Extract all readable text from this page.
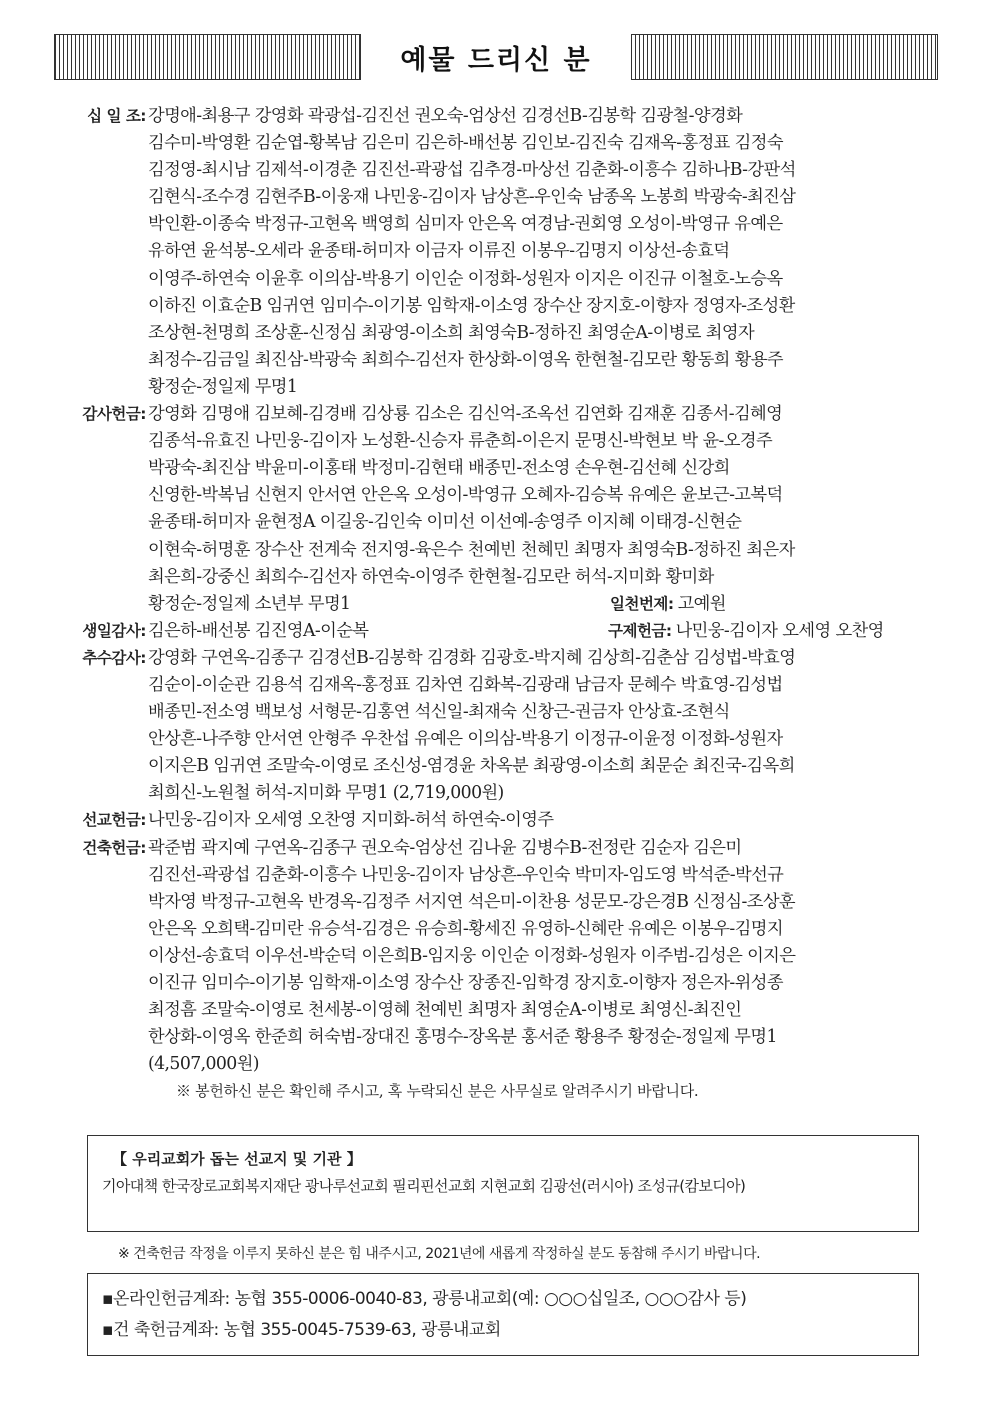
예물 드리신 분
십 일 조: 강명애-최용구 강영화 곽광섭-김진선 권오숙-엄상선 김경선B-김봉학 김광철-양경화
김수미-박영환 김순엽-황복남 김은미 김은하-배선봉 김인보-김진숙 김재옥-홍정표 김정숙
김정영-최시남 김제석-이경춘 김진선-곽광섭 김추경-마상선 김춘화-이흥수 김하나B-강판석
김현식-조수경 김현주B-이웅재 나민웅-김이자 남상흔-우인숙 남종옥 노봉희 박광숙-최진삼
박인환-이종숙 박정규-고현옥 백영희 심미자 안은옥 여경남-권회영 오성이-박영규 유예은
유하연 윤석봉-오세라 윤종태-허미자 이금자 이류진 이봉우-김명지 이상선-송효덕
이영주-하연숙 이윤후 이의삼-박용기 이인순 이정화-성원자 이지은 이진규 이철호-노승옥
이하진 이효순B 임귀연 임미수-이기봉 임학재-이소영 장수산 장지호-이향자 정영자-조성환
조상현-천명희 조상훈-신정심 최광영-이소희 최영숙B-정하진 최영순A-이병로 최영자
최정수-김금일 최진삼-박광숙 최희수-김선자 한상화-이영옥 한현철-김모란 황동희 황용주
황정순-정일제 무명1
감사헌금: 강영화 김명애 김보혜-김경배 김상룡 김소은 김신억-조옥선 김연화 김재훈 김종서-김혜영
김종석-유효진 나민웅-김이자 노성환-신승자 류춘희-이은지 문명신-박현보 박 윤-오경주
박광숙-최진삼 박윤미-이홍태 박정미-김현태 배종민-전소영 손우현-김선혜 신강희
신영한-박복님 신현지 안서연 안은옥 오성이-박영규 오혜자-김승복 유예은 윤보근-고복덕
윤종태-허미자 윤현정A 이길웅-김인숙 이미선 이선예-송영주 이지혜 이태경-신현순
이현숙-허명훈 장수산 전계숙 전지영-육은수 천예빈 천혜민 최명자 최영숙B-정하진 최은자
최은희-강중신 최희수-김선자 하연숙-이영주 한현철-김모란 허석-지미화 황미화
황정순-정일제 소년부 무명1	일천번제: 고예원
생일감사: 김은하-배선봉 김진영A-이순복	구제헌금: 나민웅-김이자 오세영 오찬영
추수감사: 강영화 구연옥-김종구 김경선B-김봉학 김경화 김광호-박지혜 김상희-김춘삼 김성법-박효영
김순이-이순관 김용석 김재옥-홍정표 김차연 김화복-김광래 남금자 문혜수 박효영-김성법
배종민-전소영 백보성 서형문-김홍연 석신일-최재숙 신창근-권금자 안상효-조현식
안상흔-나주향 안서연 안형주 우찬섭 유예은 이의삼-박용기 이정규-이윤정 이정화-성원자
이지은B 임귀연 조말숙-이영로 조신성-염경윤 차옥분 최광영-이소희 최문순 최진국-김옥희
최희신-노원철 허석-지미화 무명1 (2,719,000원)
선교헌금: 나민웅-김이자 오세영 오찬영 지미화-허석 하연숙-이영주
건축헌금: 곽준범 곽지예 구연옥-김종구 권오숙-엄상선 김나윤 김병수B-전정란 김순자 김은미
김진선-곽광섭 김춘화-이흥수 나민웅-김이자 남상흔-우인숙 박미자-임도영 박석준-박선규
박자영 박정규-고현옥 반경옥-김정주 서지연 석은미-이찬용 성문모-강은경B 신정심-조상훈
안은옥 오희택-김미란 유승석-김경은 유승희-황세진 유영하-신혜란 유예은 이봉우-김명지
이상선-송효덕 이우선-박순덕 이은희B-임지웅 이인순 이정화-성원자 이주범-김성은 이지은
이진규 임미수-이기봉 임학재-이소영 장수산 장종진-임학경 장지호-이향자 정은자-위성종
최정흠 조말숙-이영로 천세봉-이영혜 천예빈 최명자 최영순A-이병로 최영신-최진인
한상화-이영옥 한준희 허숙범-장대진 홍명수-장옥분 홍서준 황용주 황정순-정일제 무명1
(4,507,000원)
※ 봉헌하신 분은 확인해 주시고, 혹 누락되신 분은 사무실로 알려주시기 바랍니다.
【 우리교회가 돕는 선교지 및 기관 】
기아대책 한국장로교회복지재단 광나루선교회 필리핀선교회 지현교회 김광선(러시아) 조성규(캄보디아)
※ 건축헌금 작정을 이루지 못하신 분은 힘 내주시고, 2021년에 새롭게 작정하실 분도 동참해 주시기 바랍니다.
▪온라인헌금계좌: 농협 355-0006-0040-83, 광릉내교회(예: ○○○십일조, ○○○감사 등)
▪건 축헌금계좌: 농협 355-0045-7539-63, 광릉내교회
